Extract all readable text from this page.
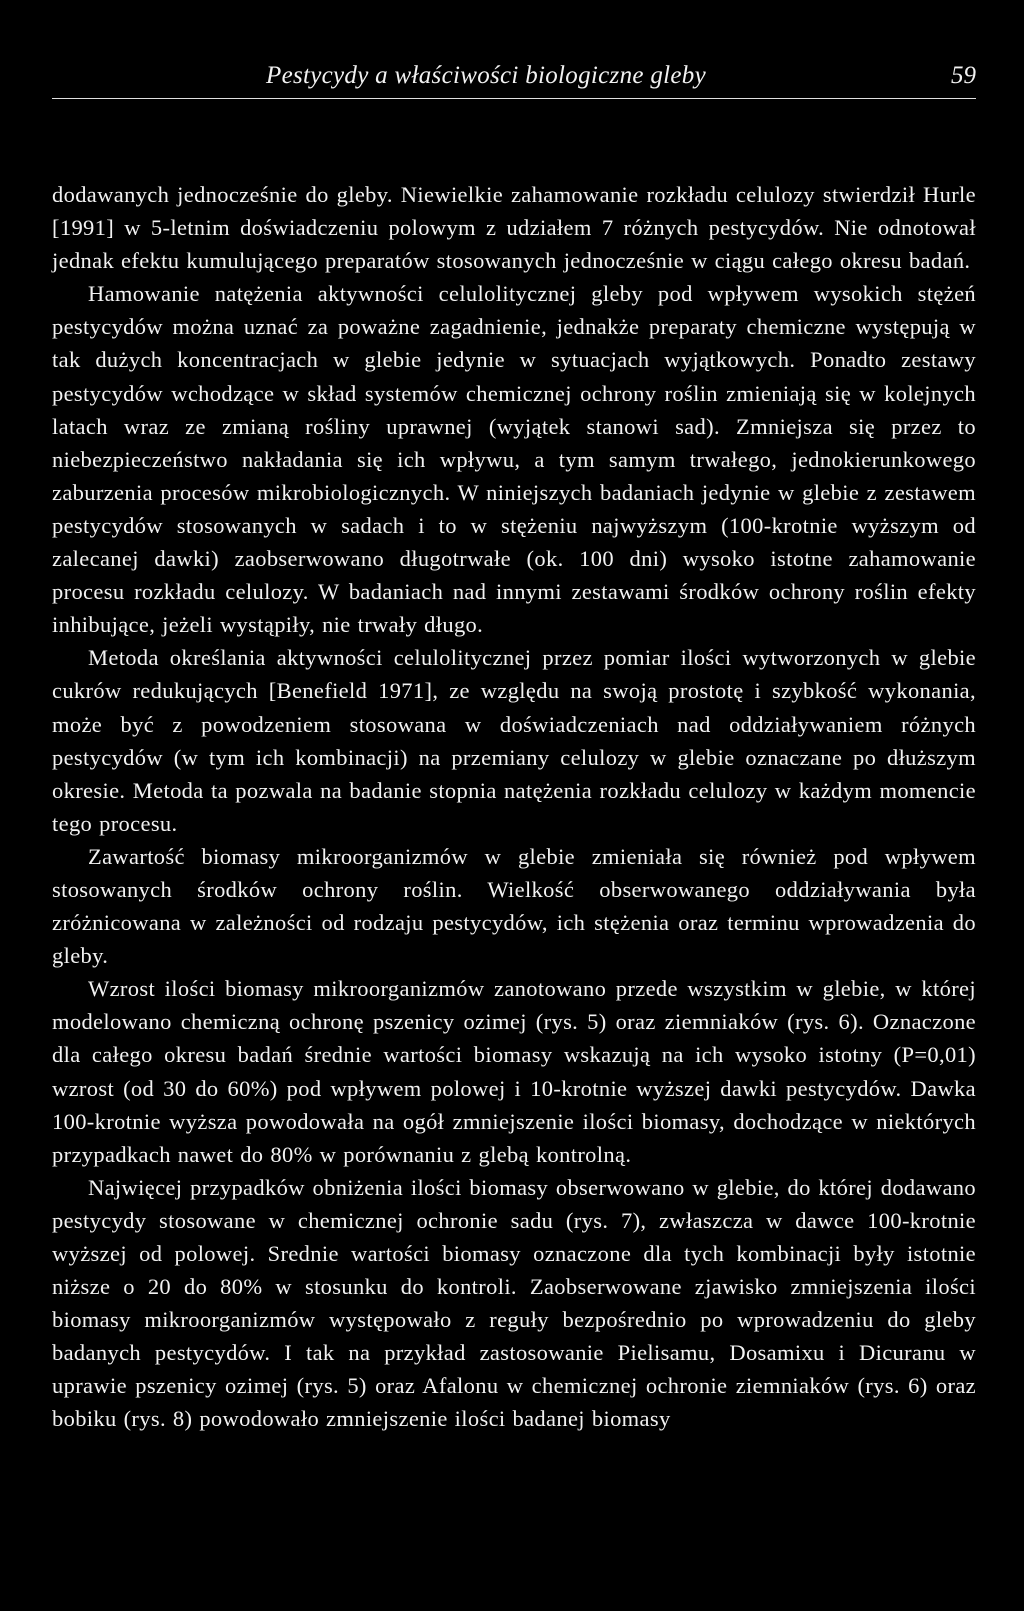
Pestycydy a właściwości biologiczne gleby	59

dodawanych jednocześnie do gleby. Niewielkie zahamowanie rozkładu celulozy stwierdził Hurle [1991] w 5-letnim doświadczeniu polowym z udziałem 7 różnych pestycydów. Nie odnotował jednak efektu kumulującego preparatów stosowanych jednocześnie w ciągu całego okresu badań.

Hamowanie natężenia aktywności celulolitycznej gleby pod wpływem wysokich stężeń pestycydów można uznać za poważne zagadnienie, jednakże preparaty chemiczne występują w tak dużych koncentracjach w glebie jedynie w sytuacjach wyjątkowych. Ponadto zestawy pestycydów wchodzące w skład systemów chemicznej ochrony roślin zmieniają się w kolejnych latach wraz ze zmianą rośliny uprawnej (wyjątek stanowi sad). Zmniejsza się przez to niebezpieczeństwo nakładania się ich wpływu, a tym samym trwałego, jednokierunkowego zaburzenia procesów mikrobiologicznych. W niniejszych badaniach jedynie w glebie z zestawem pestycydów stosowanych w sadach i to w stężeniu najwyższym (100-krotnie wyższym od zalecanej dawki) zaobserwowano długotrwałe (ok. 100 dni) wysoko istotne zahamowanie procesu rozkładu celulozy. W badaniach nad innymi zestawami środków ochrony roślin efekty inhibujące, jeżeli wystąpiły, nie trwały długo.

Metoda określania aktywności celulolitycznej przez pomiar ilości wytworzonych w glebie cukrów redukujących [Benefield 1971], ze względu na swoją prostotę i szybkość wykonania, może być z powodzeniem stosowana w doświadczeniach nad oddziaływaniem różnych pestycydów (w tym ich kombinacji) na przemiany celulozy w glebie oznaczane po dłuższym okresie. Metoda ta pozwala na badanie stopnia natężenia rozkładu celulozy w każdym momencie tego procesu.

Zawartość biomasy mikroorganizmów w glebie zmieniała się również pod wpływem stosowanych środków ochrony roślin. Wielkość obserwowanego oddziaływania była zróżnicowana w zależności od rodzaju pestycydów, ich stężenia oraz terminu wprowadzenia do gleby.

Wzrost ilości biomasy mikroorganizmów zanotowano przede wszystkim w glebie, w której modelowano chemiczną ochronę pszenicy ozimej (rys. 5) oraz ziemniaków (rys. 6). Oznaczone dla całego okresu badań średnie wartości biomasy wskazują na ich wysoko istotny (P=0,01) wzrost (od 30 do 60%) pod wpływem polowej i 10-krotnie wyższej dawki pestycydów. Dawka 100-krotnie wyższa powodowała na ogół zmniejszenie ilości biomasy, dochodzące w niektórych przypadkach nawet do 80% w porównaniu z glebą kontrolną.

Najwięcej przypadków obniżenia ilości biomasy obserwowano w glebie, do której dodawano pestycydy stosowane w chemicznej ochronie sadu (rys. 7), zwłaszcza w dawce 100-krotnie wyższej od polowej. Srednie wartości biomasy oznaczone dla tych kombinacji były istotnie niższe o 20 do 80% w stosunku do kontroli. Zaobserwowane zjawisko zmniejszenia ilości biomasy mikroorganizmów występowało z reguły bezpośrednio po wprowadzeniu do gleby badanych pestycydów. I tak na przykład zastosowanie Pielisamu, Dosamixu i Dicuranu w uprawie pszenicy ozimej (rys. 5) oraz Afalonu w chemicznej ochronie ziemniaków (rys. 6) oraz bobiku (rys. 8) powodowało zmniejszenie ilości badanej biomasy
